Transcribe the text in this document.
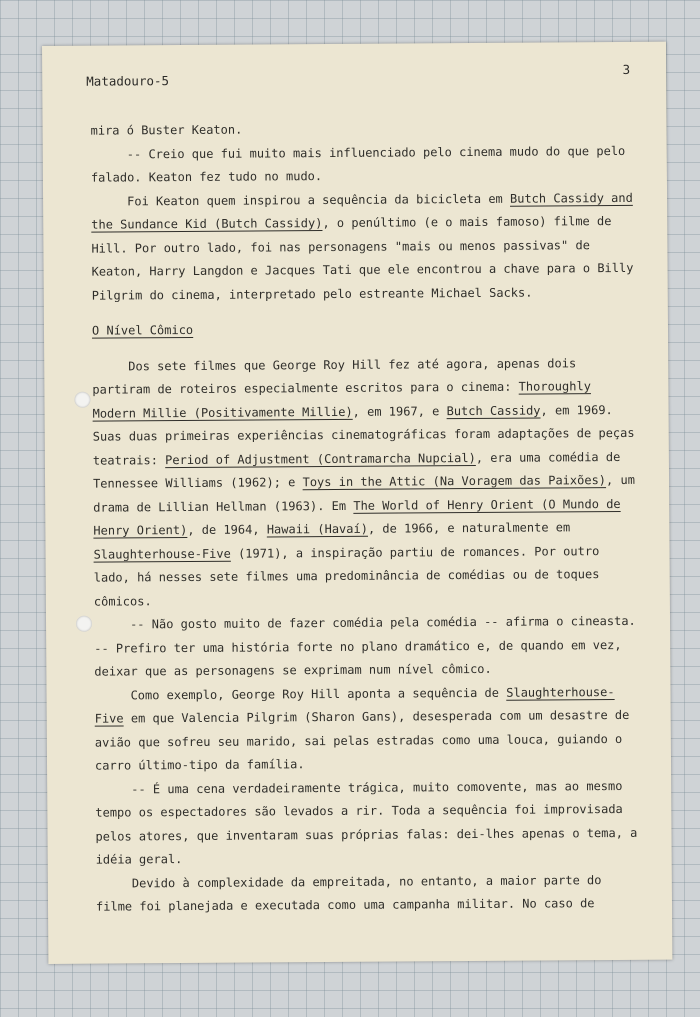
Matadouro-5
3

mira ó Buster Keaton.

-- Creio que fui muito mais influenciado pelo cinema mudo do que pelo falado. Keaton fez tudo no mudo.

Foi Keaton quem inspirou a sequência da bicicleta em Butch Cassidy and the Sundance Kid (Butch Cassidy), o penúltimo (e o mais famoso) filme de Hill. Por outro lado, foi nas personagens "mais ou menos passivas" de Keaton, Harry Langdon e Jacques Tati que ele encontrou a chave para o Billy Pilgrim do cinema, interpretado pelo estreante Michael Sacks.

O Nível Cômico

Dos sete filmes que George Roy Hill fez até agora, apenas dois partiram de roteiros especialmente escritos para o cinema: Thoroughly Modern Millie (Positivamente Millie), em 1967, e Butch Cassidy, em 1969. Suas duas primeiras experiências cinematográficas foram adaptações de peças teatrais: Period of Adjustment (Contramarcha Nupcial), era uma comédia de Tennessee Williams (1962); e Toys in the Attic (Na Voragem das Paixões), um drama de Lillian Hellman (1963). Em The World of Henry Orient (O Mundo de Henry Orient), de 1964, Hawaii (Havaí), de 1966, e naturalmente em Slaughterhouse-Five (1971), a inspiração partiu de romances. Por outro lado, há nesses sete filmes uma predominância de comédias ou de toques cômicos.

-- Não gosto muito de fazer comédia pela comédia -- afirma o cineasta. -- Prefiro ter uma história forte no plano dramático e, de quando em vez, deixar que as personagens se exprimam num nível cômico.

Como exemplo, George Roy Hill aponta a sequência de Slaughterhouse-Five em que Valencia Pilgrim (Sharon Gans), desesperada com um desastre de avião que sofreu seu marido, sai pelas estradas como uma louca, guiando o carro último-tipo da família.

-- É uma cena verdadeiramente trágica, muito comovente, mas ao mesmo tempo os espectadores são levados a rir. Toda a sequência foi improvisada pelos atores, que inventaram suas próprias falas: dei-lhes apenas o tema, a idéia geral.

Devido à complexidade da empreitada, no entanto, a maior parte do filme foi planejada e executada como uma campanha militar. No caso de
